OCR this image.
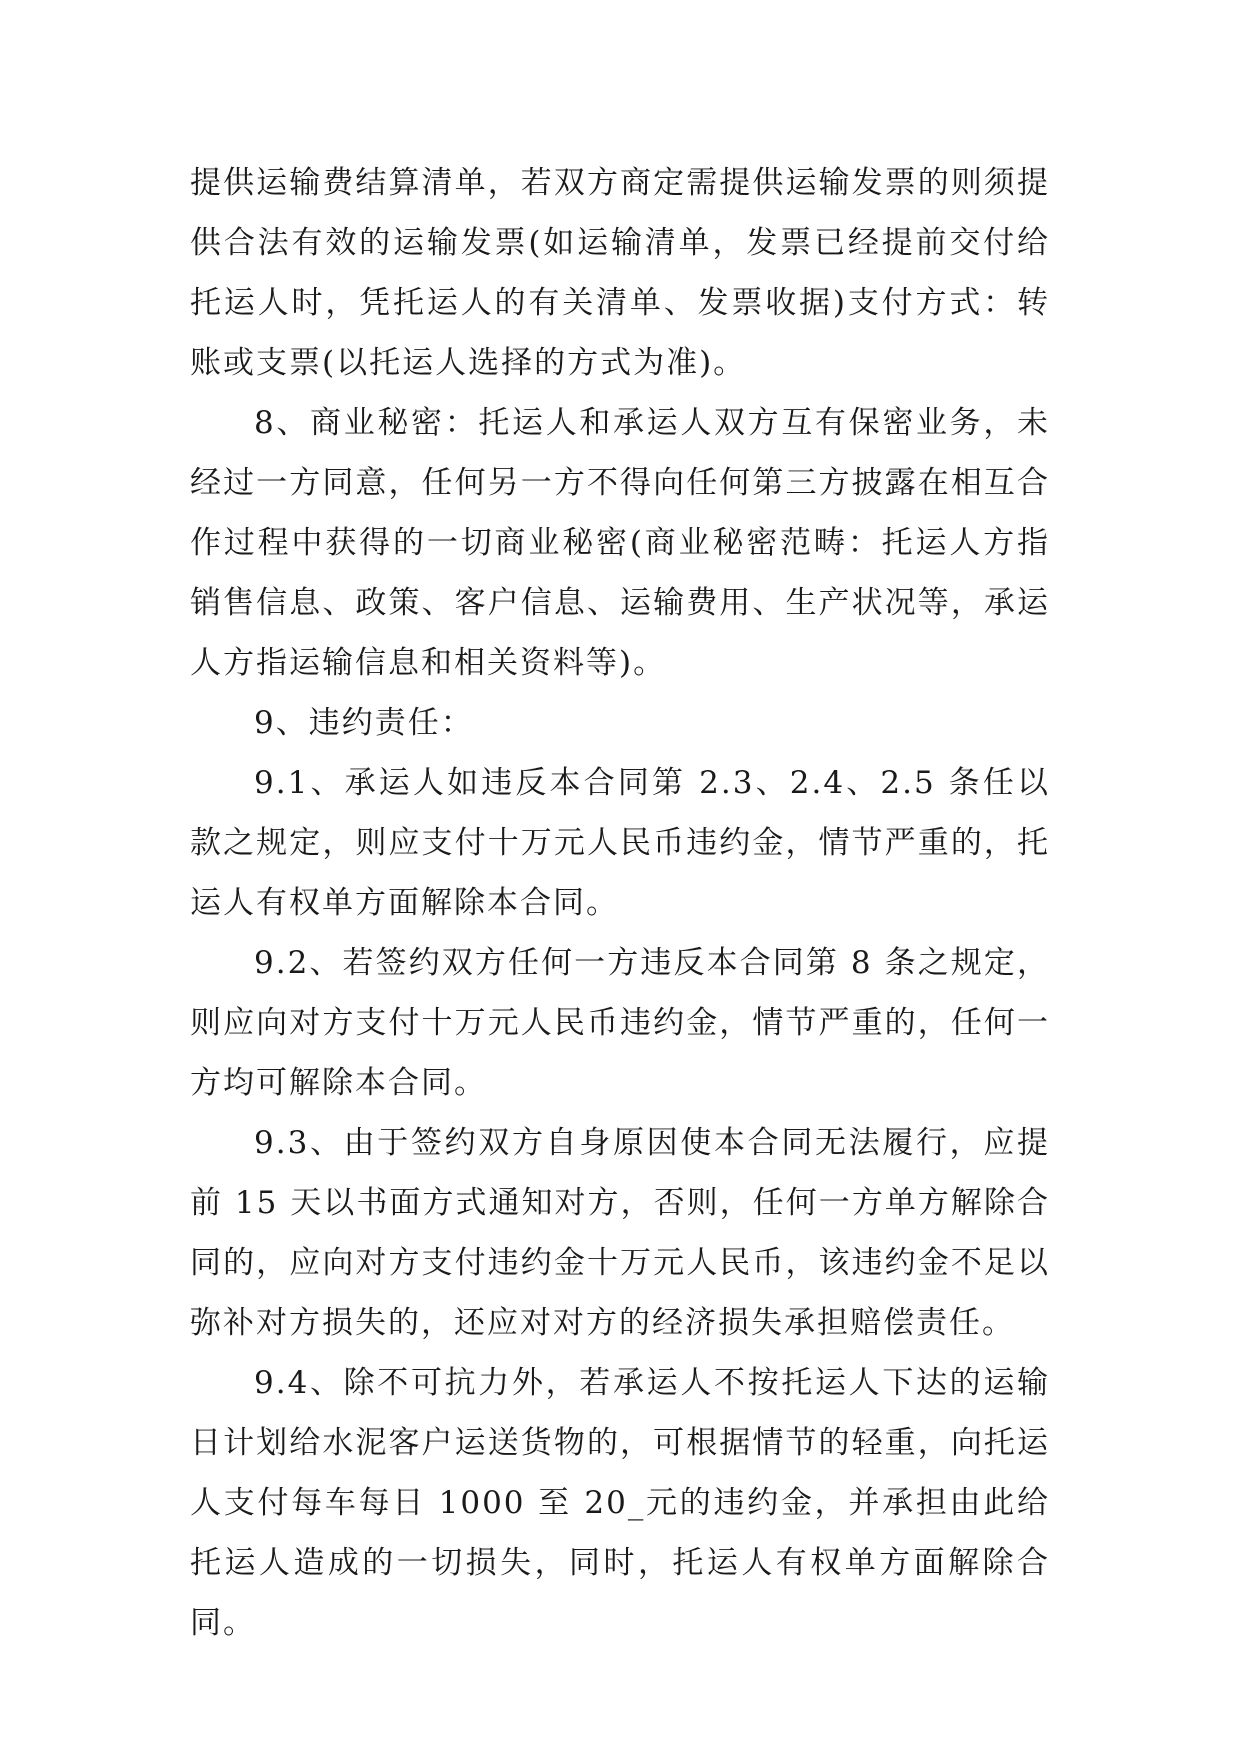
提供运输费结算清单，若双方商定需提供运输发票的则须提供合法有效的运输发票(如运输清单，发票已经提前交付给托运人时，凭托运人的有关清单、发票收据)支付方式：转账或支票(以托运人选择的方式为准)。

8、商业秘密：托运人和承运人双方互有保密业务，未经过一方同意，任何另一方不得向任何第三方披露在相互合作过程中获得的一切商业秘密(商业秘密范畴：托运人方指销售信息、政策、客户信息、运输费用、生产状况等，承运人方指运输信息和相关资料等)。

9、违约责任：

9.1、承运人如违反本合同第 2.3、2.4、2.5 条任以款之规定，则应支付十万元人民币违约金，情节严重的，托运人有权单方面解除本合同。

9.2、若签约双方任何一方违反本合同第 8 条之规定，则应向对方支付十万元人民币违约金，情节严重的，任何一方均可解除本合同。

9.3、由于签约双方自身原因使本合同无法履行，应提前 15 天以书面方式通知对方，否则，任何一方单方解除合同的，应向对方支付违约金十万元人民币，该违约金不足以弥补对方损失的，还应对对方的经济损失承担赔偿责任。

9.4、除不可抗力外，若承运人不按托运人下达的运输日计划给水泥客户运送货物的，可根据情节的轻重，向托运人支付每车每日 1000 至 20_元的违约金，并承担由此给托运人造成的一切损失，同时，托运人有权单方面解除合同。
